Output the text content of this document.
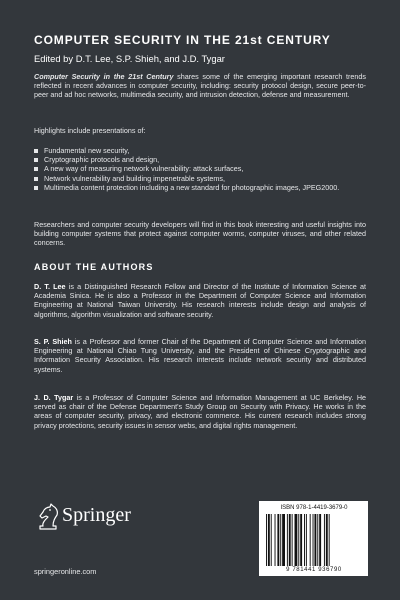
COMPUTER SECURITY IN THE 21st CENTURY
Edited by D.T. Lee, S.P. Shieh, and J.D. Tygar
Computer Security in the 21st Century shares some of the emerging important research trends reflected in recent advances in computer security, including: security protocol design, secure peer-to-peer and ad hoc networks, multimedia security, and intrusion detection, defense and measurement.
Highlights include presentations of:
Fundamental new security,
Cryptographic protocols and design,
A new way of measuring network vulnerability: attack surfaces,
Network vulnerability and building impenetrable systems,
Multimedia content protection including a new standard for photographic images, JPEG2000.
Researchers and computer security developers will find in this book interesting and useful insights into building computer systems that protect against computer worms, computer viruses, and other related concerns.
ABOUT THE AUTHORS
D. T. Lee is a Distinguished Research Fellow and Director of the Institute of Information Science at Academia Sinica. He is also a Professor in the Department of Computer Science and Information Engineering at National Taiwan University. His research interests include design and analysis of algorithms, algorithm visualization and software security.
S. P. Shieh is a Professor and former Chair of the Department of Computer Science and Information Engineering at National Chiao Tung University, and the President of Chinese Cryptographic and Information Security Association. His research interests include network security and distributed systems.
J. D. Tygar is a Professor of Computer Science and Information Management at UC Berkeley. He served as chair of the Defense Department's Study Group on Security with Privacy. He works in the areas of computer security, privacy, and electronic commerce. His current research includes strong privacy protections, security issues in sensor webs, and digital rights management.
Springer
springeronline.com
ISBN 978-1-4419-3679-0
9 781441 936790
